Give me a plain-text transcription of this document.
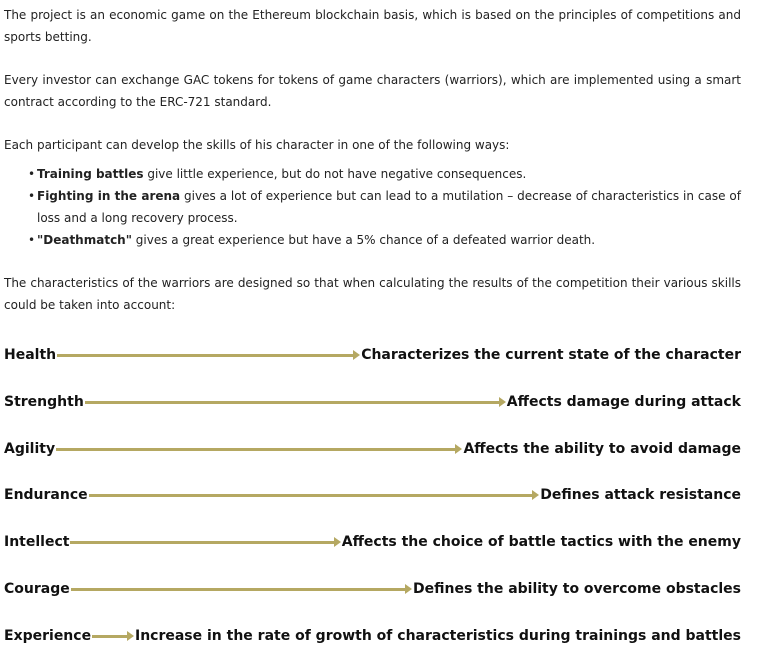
The project is an economic game on the Ethereum blockchain basis, which is based on the principles of competitions and sports betting.

Every investor can exchange GAC tokens for tokens of game characters (warriors), which are implemented using a smart contract according to the ERC-721 standard.

Each participant can develop the skills of his character in one of the following ways:

• Training battles give little experience, but do not have negative consequences.
• Fighting in the arena gives a lot of experience but can lead to a mutilation – decrease of characteristics in case of loss and a long recovery process.
• "Deathmatch" gives a great experience but have a 5% chance of a defeated warrior death.

The characteristics of the warriors are designed so that when calculating the results of the competition their various skills could be taken into account:

Health	Characterizes the current state of the character
Strenghth	Affects damage during attack
Agility	Affects the ability to avoid damage
Endurance	Defines attack resistance
Intellect	Affects the choice of battle tactics with the enemy
Courage	Defines the ability to overcome obstacles
Experience	Increase in the rate of growth of characteristics during trainings and battles
